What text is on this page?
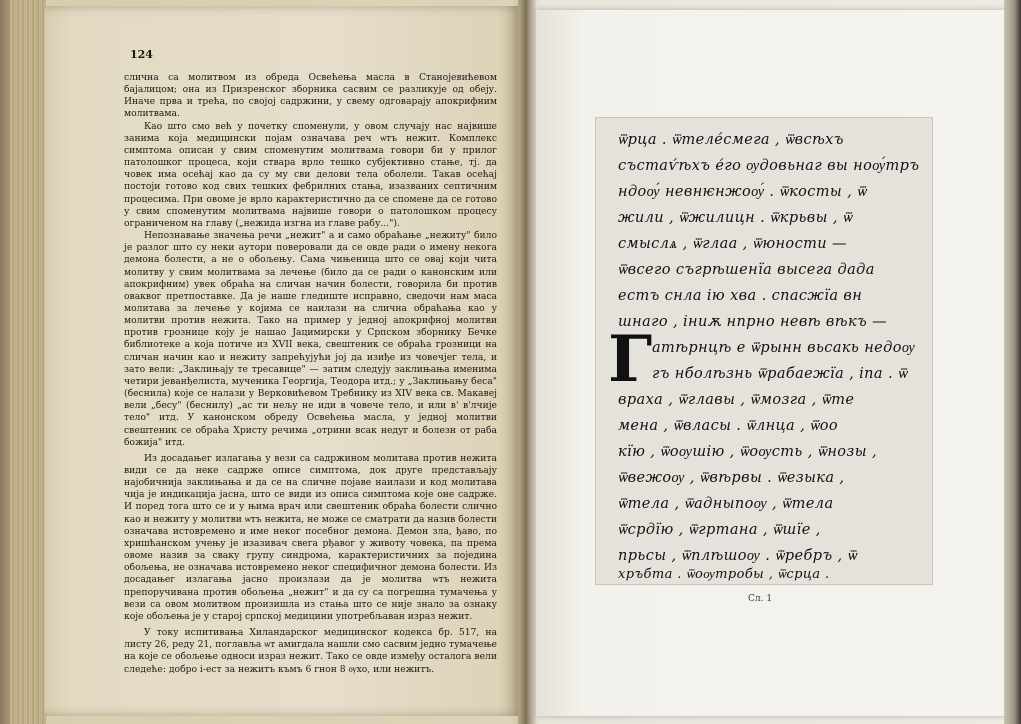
124

слична са молитвом из обреда Освећења масла в Станојевићевом бајалицом; она из Призренског зборника сасвим се разликује од обеју. Иначе прва и трећа, по својој садржини, у свему одговарају апокрифним молитвама.

Као што смо већ у почетку споменули, у овом случају нас највише занима која медицински појам означава реч ѡтъ нежит. Комплекс симптома описан у свим споменутим молитвама говори би у прилог патолошког процеса, који ствара врло тешко субјективно стање, тј. да човек има осећај као да су му сви делови тела оболели. Такав осећај постоји готово код свих тешких фебрилних стања, изазваних септичним процесима. При овоме је врло карактеристично да се спомене да се готово у свим споменутим молитвама највише говори о патолошком процесу ограниченом на главу („нежида изгна из главе рабу...").

Непознавање значења речи „нежит" а и само обраћање „нежиту" било је разлог што су неки аутори поверовали да се овде ради о имену некога демона болести, а не о обољењу. Сама чињеница што се овај који чита молитву у свим молитвама за лечење (било да се ради о канонским или апокрифним) увек обраћа на сличан начин болести, говорила би против оваквог претпоставке. Да је наше гледиште исправно, сведочи нам маса молитава за лечење у којима се наилази на слична обраћања као у молитви против нежита. Тако на пример у једној апокрифној молитви против грознице коју је нашао Јацимирски у Српском зборнику Бечке библиотеке а која потиче из XVII века, свештеник се обраћа грозници на сличан начин као и нежиту запрећујући јој да изиђе из човечјег тела, и зато вели: „Заклињају те тресавице" — затим следују заклињања именима четири јеванђелиста, мученика Георгија, Теодора итд.; у „Заклињању беса" (беснила) које се налази у Верковићевом Требнику из XIV века св. Макавеј вели „бесу" (беснилу) „ас ти нељу не иди в човече тело, и или в' в'лчије тело" итд. У канонском обреду Освећења масла, у једној молитви свештеник се обраћа Христу речима „отрини всак недуг и болезн от раба божија" итд.

Из досадањег излагања у вези са садржином молитава против нежита види се да неке садрже описе симптома, док друге представљају најобичнија заклињања и да се на сличне појаве наилази и код молитава чија је индикација јасна, што се види из описа симптома које оне садрже. И поред тога што се и у њима врач или свештеник обраћа болести слично као и нежиту у молитви ѡтъ нежита, не може се сматрати да назив болести означава истовремено и име неког посебног демона. Демон зла, ђаво, по хришћанском учењу је изазивач свега рђавог у животу човека, па према овоме назив за сваку групу синдрома, карактеристичних за поједина обољења, не означава истовремено неког специфичног демона болести. Из досадањег излагања јасно произлази да је молитва ѡтъ нежита препоручивана против обољења „нежит" и да су са погрешна тумачења у вези са овом молитвом произишла из стања што се није знало за ознаку које обољења је у старој српској медицини употребљаван израз нежит.

У току испитивања Хиландарског медицинског кодекса бр. 517, на листу 26, реду 21, поглавља ѡт амигдала нашли смо сасвим једно тумачење на које се обољење односи израз нежит. Тако се овде између осталога вели следеће: добро і-ест за нежитъ къмъ 6 гнон 8 ѹхо, или нежитъ.

ѿрца . ѿтеле́смега , ѿвсѣхъ
състаѵ́ѣхъ е́го ѹдовьнаг вы ноѹ́тръ
ндоѹ́ невнѥнжоѹ́ . ѿкосты , ѿ
жили , ѿжилицн . ѿкрьвы , ѿ
смыслѧ , ѿглаа , ѿюности —
ѿвсего съгрѣшенїа высега дада
естъ снла ію хва . спасжїа вн
шнаго , іниѫ нпрно невѣ вѣкъ —
Г атѣрнцѣ е ѿрынн вьсакь недоѹ
гъ нболѣзнь ѿрабаежїа , іпа . ѿ
враха , ѿглавы , ѿмозга , ѿте
мена , ѿвласы . ѿлнца , ѿоо
кїю , ѿоѹшію , ѿоѹсть , ѿнозы ,
ѿвежоѹ , ѿвѣрвы . ѿезыка ,
ѿтела , ѿадныпоѹ , ѿтела
ѿсрдїю , ѿгртана , ѿшїе ,
прьсы , ѿплѣшоѹ . ѿребръ , ѿ
хръбта . ѿоѹтробы , ѿсрца .
Сл. 1
